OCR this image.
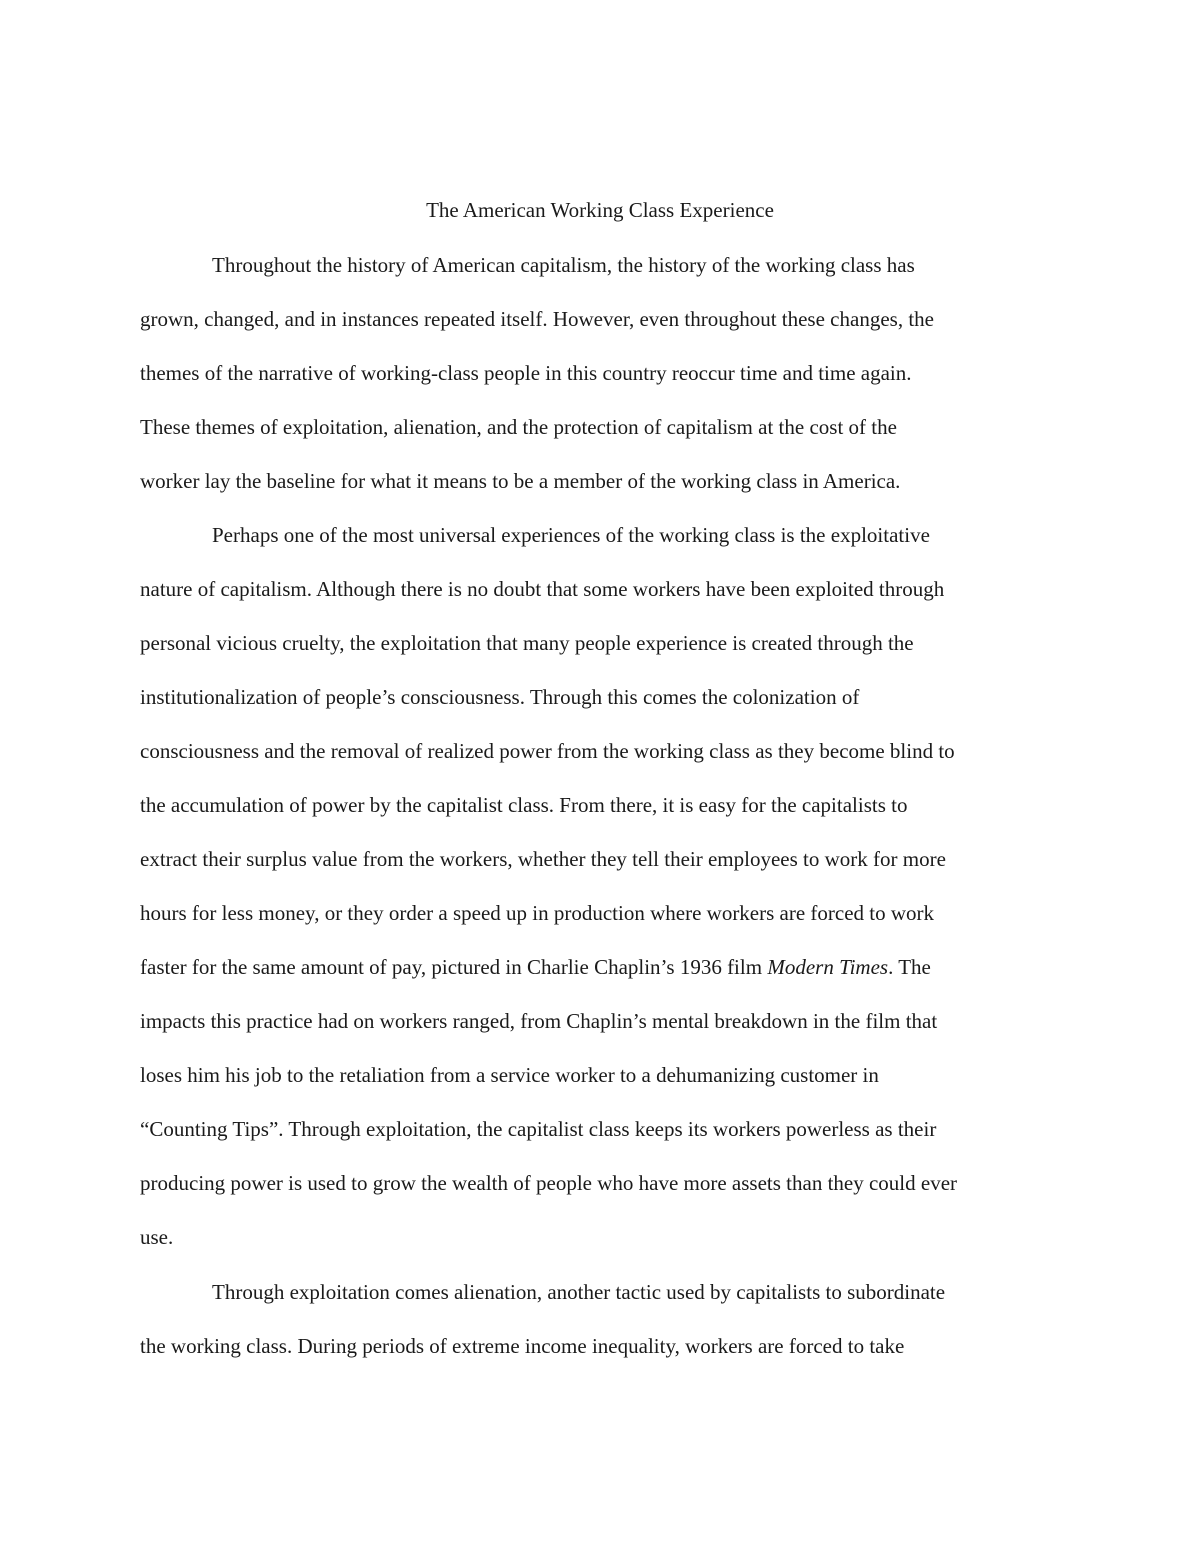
The American Working Class Experience
Throughout the history of American capitalism, the history of the working class has
grown, changed, and in instances repeated itself. However, even throughout these changes, the
themes of the narrative of working-class people in this country reoccur time and time again.
These themes of exploitation, alienation, and the protection of capitalism at the cost of the
worker lay the baseline for what it means to be a member of the working class in America.
Perhaps one of the most universal experiences of the working class is the exploitative
nature of capitalism. Although there is no doubt that some workers have been exploited through
personal vicious cruelty, the exploitation that many people experience is created through the
institutionalization of people’s consciousness. Through this comes the colonization of
consciousness and the removal of realized power from the working class as they become blind to
the accumulation of power by the capitalist class. From there, it is easy for the capitalists to
extract their surplus value from the workers, whether they tell their employees to work for more
hours for less money, or they order a speed up in production where workers are forced to work
faster for the same amount of pay, pictured in Charlie Chaplin’s 1936 film Modern Times. The
impacts this practice had on workers ranged, from Chaplin’s mental breakdown in the film that
loses him his job to the retaliation from a service worker to a dehumanizing customer in
“Counting Tips”. Through exploitation, the capitalist class keeps its workers powerless as their
producing power is used to grow the wealth of people who have more assets than they could ever
use.
Through exploitation comes alienation, another tactic used by capitalists to subordinate
the working class. During periods of extreme income inequality, workers are forced to take
